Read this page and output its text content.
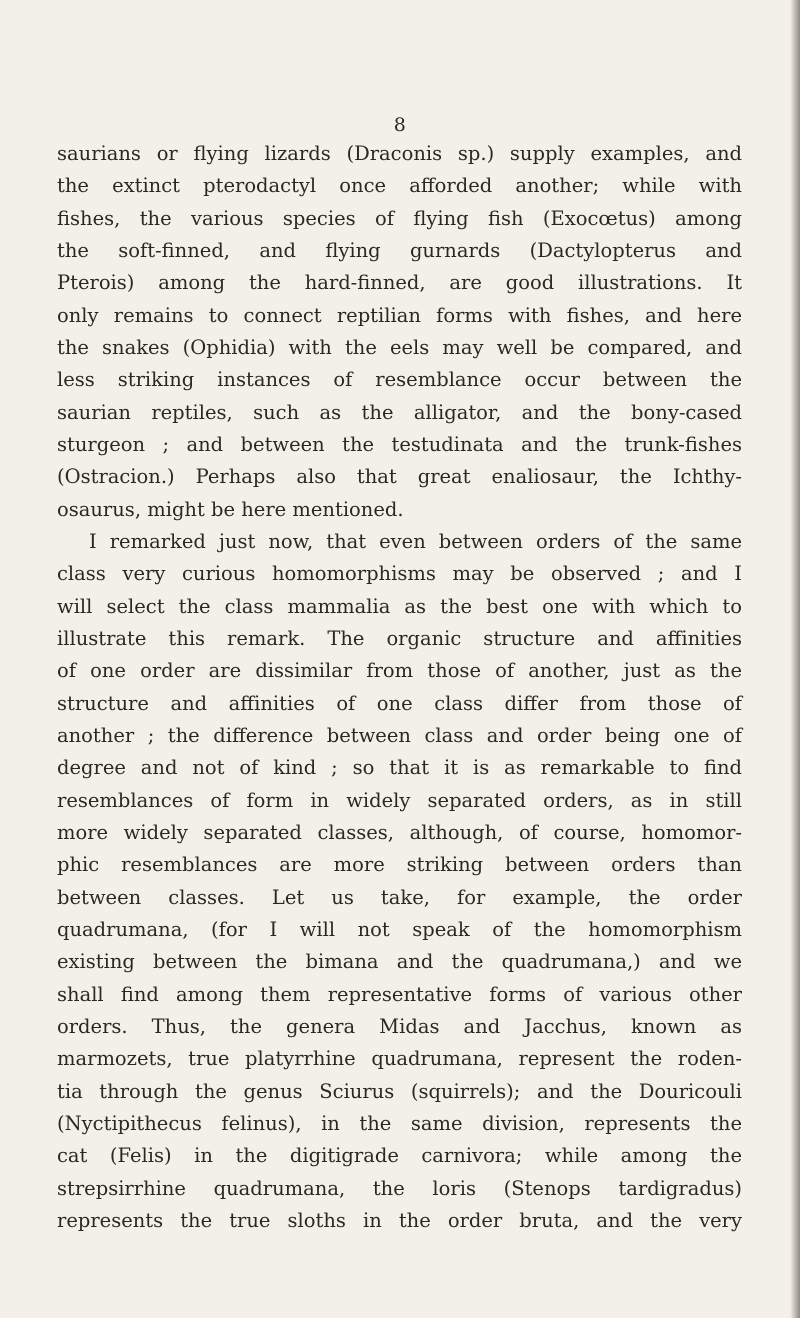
8
saurians or flying lizards (Draconis sp.) supply examples, and
the extinct pterodactyl once afforded another; while with
fishes, the various species of flying fish (Exocœtus) among
the soft-finned, and flying gurnards (Dactylopterus and
Pterois) among the hard-finned, are good illustrations. It
only remains to connect reptilian forms with fishes, and here
the snakes (Ophidia) with the eels may well be compared, and
less striking instances of resemblance occur between the
saurian reptiles, such as the alligator, and the bony-cased
sturgeon ; and between the testudinata and the trunk-fishes
(Ostracion.) Perhaps also that great enaliosaur, the Ichthy-
osaurus, might be here mentioned.
I remarked just now, that even between orders of the same
class very curious homomorphisms may be observed ; and I
will select the class mammalia as the best one with which to
illustrate this remark. The organic structure and affinities
of one order are dissimilar from those of another, just as the
structure and affinities of one class differ from those of
another ; the difference between class and order being one of
degree and not of kind ; so that it is as remarkable to find
resemblances of form in widely separated orders, as in still
more widely separated classes, although, of course, homomor-
phic resemblances are more striking between orders than
between classes. Let us take, for example, the order
quadrumana, (for I will not speak of the homomorphism
existing between the bimana and the quadrumana,) and we
shall find among them representative forms of various other
orders. Thus, the genera Midas and Jacchus, known as
marmozets, true platyrrhine quadrumana, represent the roden-
tia through the genus Sciurus (squirrels); and the Douricouli
(Nyctipithecus felinus), in the same division, represents the
cat (Felis) in the digitigrade carnivora; while among the
strepsirrhine quadrumana, the loris (Stenops tardigradus)
represents the true sloths in the order bruta, and the very
